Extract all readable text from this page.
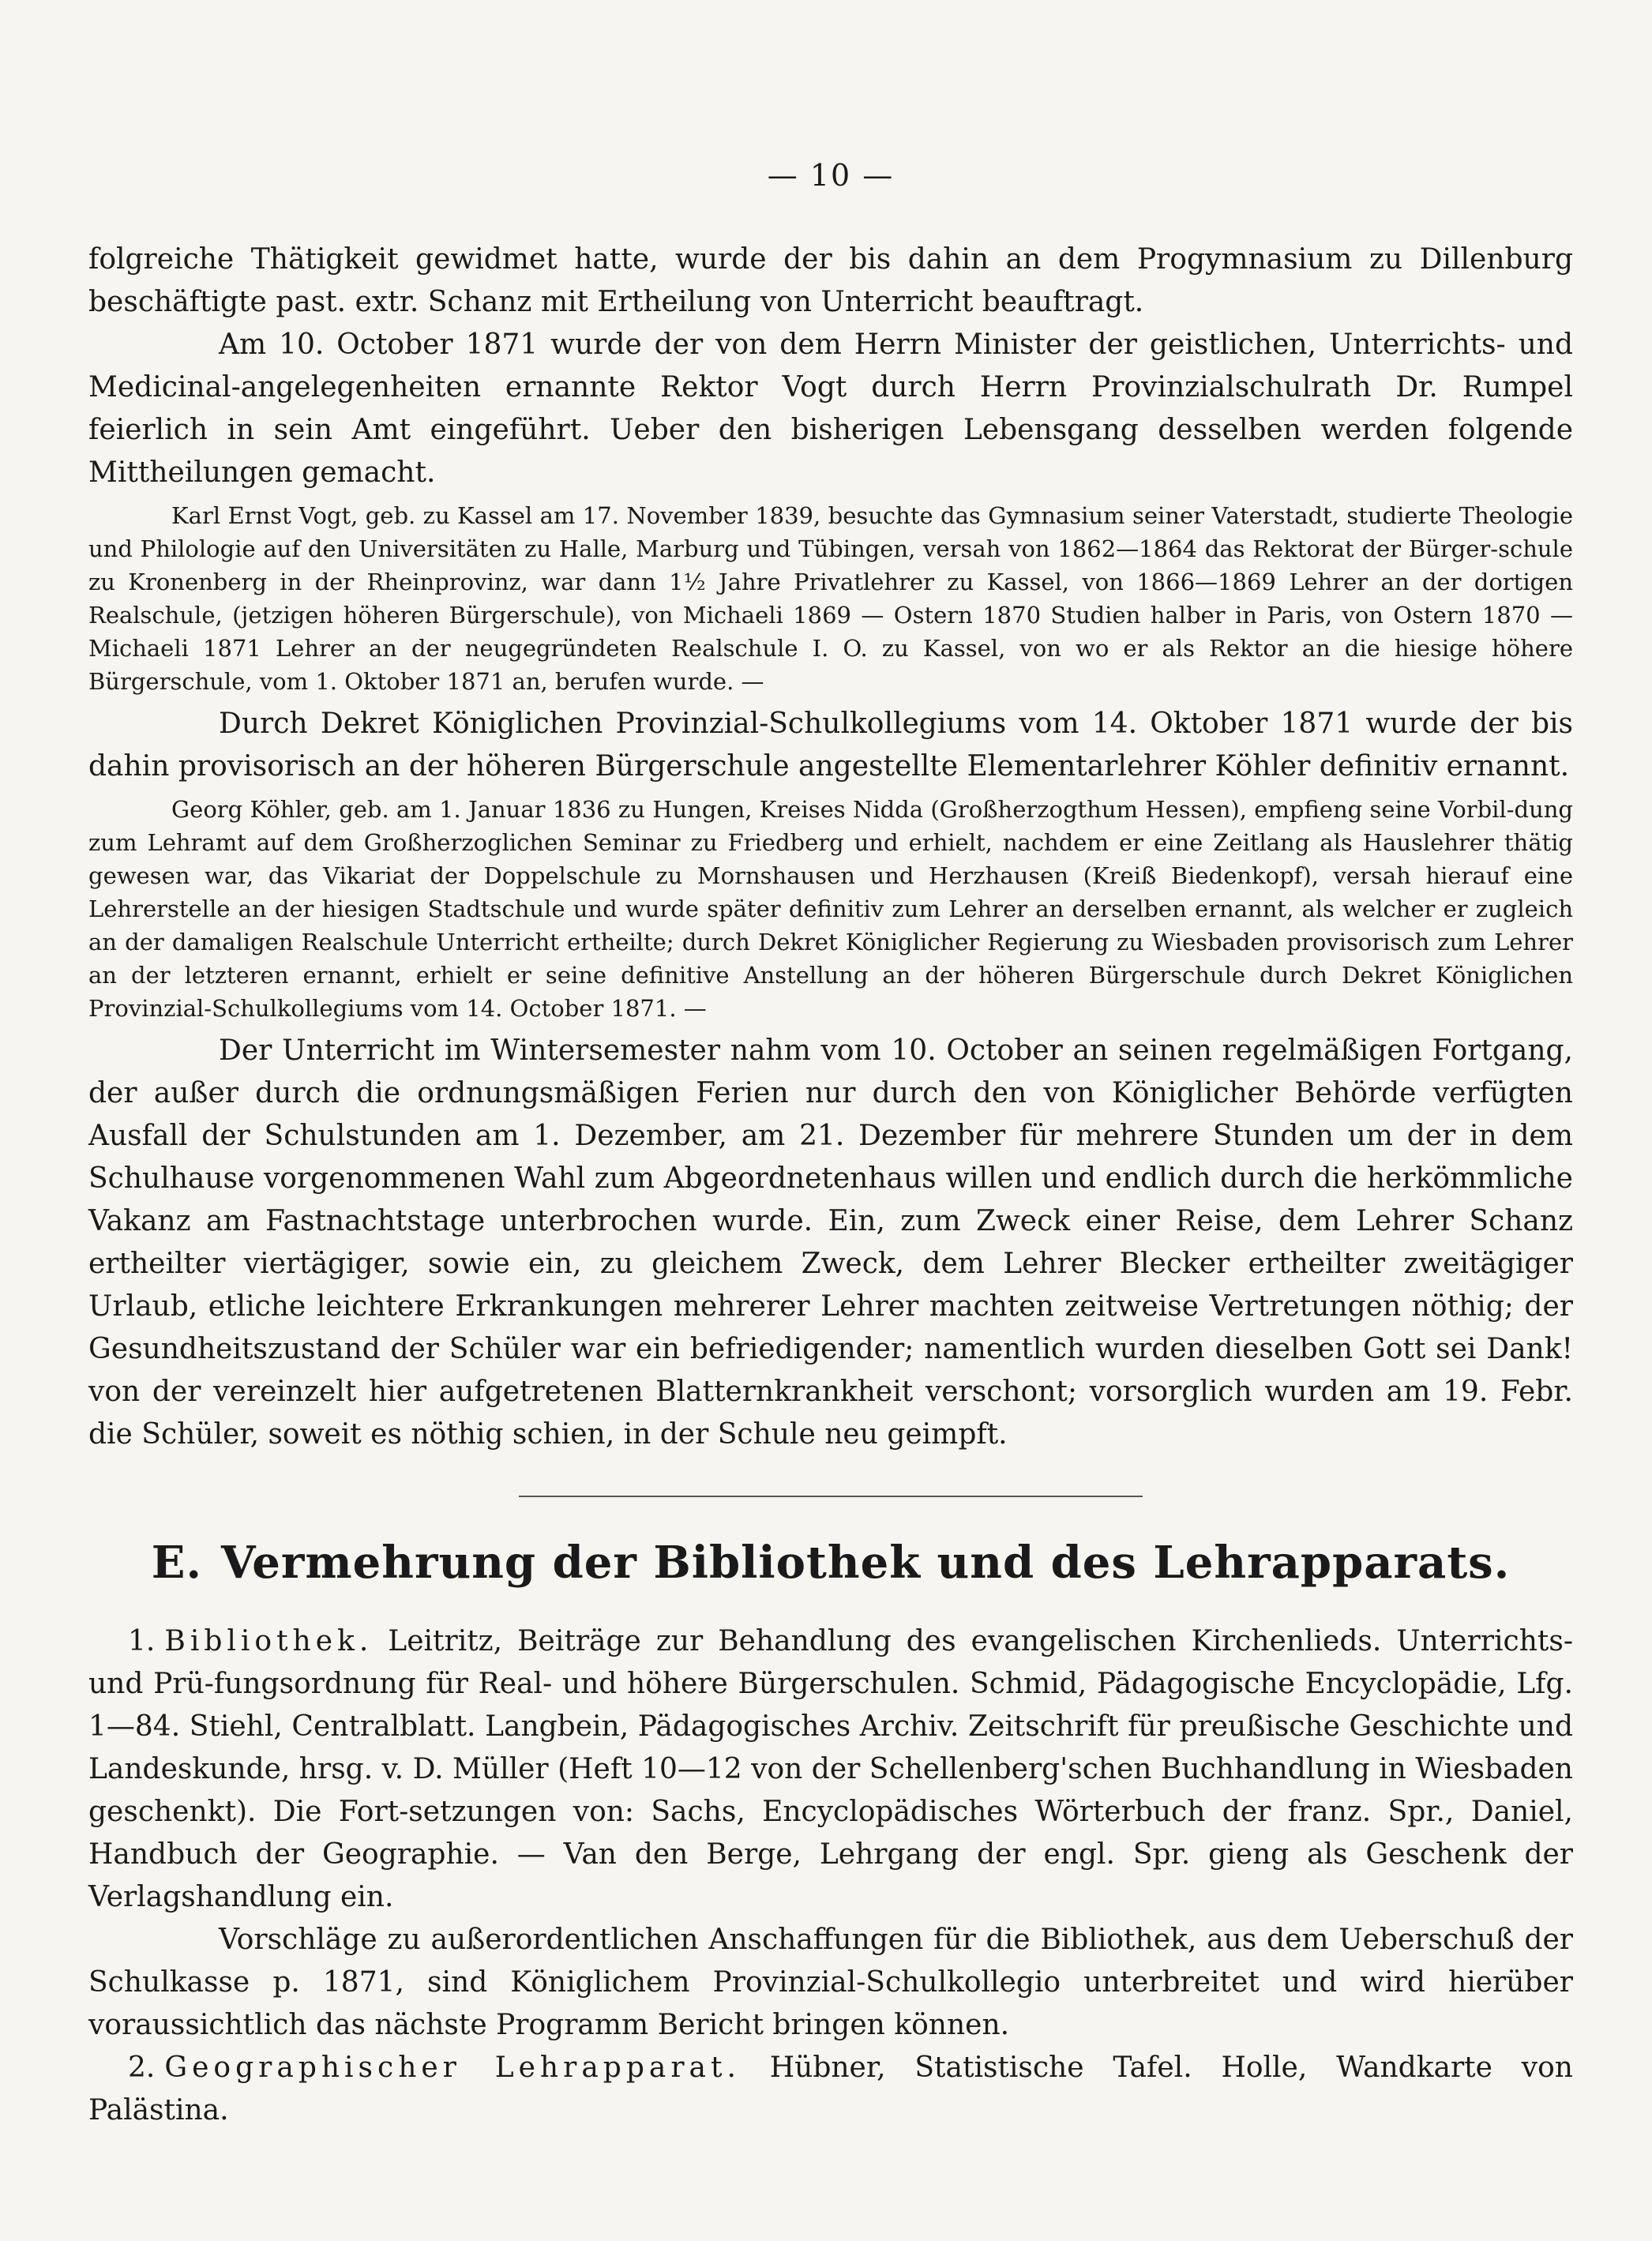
— 10 —

folgreiche Thätigkeit gewidmet hatte, wurde der bis dahin an dem Progymnasium zu Dillenburg beschäftigte past. extr. Schanz mit Ertheilung von Unterricht beauftragt.

Am 10. October 1871 wurde der von dem Herrn Minister der geistlichen, Unterrichts- und Medicinal-angelegenheiten ernannte Rektor Vogt durch Herrn Provinzialschulrath Dr. Rumpel feierlich in sein Amt eingeführt. Ueber den bisherigen Lebensgang desselben werden folgende Mittheilungen gemacht.

Karl Ernst Vogt, geb. zu Kassel am 17. November 1839, besuchte das Gymnasium seiner Vaterstadt, studierte Theologie und Philologie auf den Universitäten zu Halle, Marburg und Tübingen, versah von 1862—1864 das Rektorat der Bürger-schule zu Kronenberg in der Rheinprovinz, war dann 1½ Jahre Privatlehrer zu Kassel, von 1866—1869 Lehrer an der dortigen Realschule, (jetzigen höheren Bürgerschule), von Michaeli 1869 — Ostern 1870 Studien halber in Paris, von Ostern 1870 — Michaeli 1871 Lehrer an der neugegründeten Realschule I. O. zu Kassel, von wo er als Rektor an die hiesige höhere Bürgerschule, vom 1. Oktober 1871 an, berufen wurde. —

Durch Dekret Königlichen Provinzial-Schulkollegiums vom 14. Oktober 1871 wurde der bis dahin provisorisch an der höheren Bürgerschule angestellte Elementarlehrer Köhler definitiv ernannt.

Georg Köhler, geb. am 1. Januar 1836 zu Hungen, Kreises Nidda (Großherzogthum Hessen), empfieng seine Vorbil-dung zum Lehramt auf dem Großherzoglichen Seminar zu Friedberg und erhielt, nachdem er eine Zeitlang als Hauslehrer thätig gewesen war, das Vikariat der Doppelschule zu Mornshausen und Herzhausen (Kreiß Biedenkopf), versah hierauf eine Lehrerstelle an der hiesigen Stadtschule und wurde später definitiv zum Lehrer an derselben ernannt, als welcher er zugleich an der damaligen Realschule Unterricht ertheilte; durch Dekret Königlicher Regierung zu Wiesbaden provisorisch zum Lehrer an der letzteren ernannt, erhielt er seine definitive Anstellung an der höheren Bürgerschule durch Dekret Königlichen Provinzial-Schulkollegiums vom 14. October 1871. —

Der Unterricht im Wintersemester nahm vom 10. October an seinen regelmäßigen Fortgang, der außer durch die ordnungsmäßigen Ferien nur durch den von Königlicher Behörde verfügten Ausfall der Schulstunden am 1. Dezember, am 21. Dezember für mehrere Stunden um der in dem Schulhause vorgenommenen Wahl zum Abgeordnetenhaus willen und endlich durch die herkömmliche Vakanz am Fastnachtstage unterbrochen wurde. Ein, zum Zweck einer Reise, dem Lehrer Schanz ertheilter viertägiger, sowie ein, zu gleichem Zweck, dem Lehrer Blecker ertheilter zweitägiger Urlaub, etliche leichtere Erkrankungen mehrerer Lehrer machten zeitweise Vertretungen nöthig; der Gesundheitszustand der Schüler war ein befriedigender; namentlich wurden dieselben Gott sei Dank! von der vereinzelt hier aufgetretenen Blatternkrankheit verschont; vorsorglich wurden am 19. Febr. die Schüler, soweit es nöthig schien, in der Schule neu geimpft.

E. Vermehrung der Bibliothek und des Lehrapparats.

1. Bibliothek. Leitritz, Beiträge zur Behandlung des evangelischen Kirchenlieds. Unterrichts- und Prü-fungsordnung für Real- und höhere Bürgerschulen. Schmid, Pädagogische Encyclopädie, Lfg. 1—84. Stiehl, Centralblatt. Langbein, Pädagogisches Archiv. Zeitschrift für preußische Geschichte und Landeskunde, hrsg. v. D. Müller (Heft 10—12 von der Schellenberg'schen Buchhandlung in Wiesbaden geschenkt). Die Fort-setzungen von: Sachs, Encyclopädisches Wörterbuch der franz. Spr., Daniel, Handbuch der Geographie. — Van den Berge, Lehrgang der engl. Spr. gieng als Geschenk der Verlagshandlung ein.

Vorschläge zu außerordentlichen Anschaffungen für die Bibliothek, aus dem Ueberschuß der Schulkasse p. 1871, sind Königlichem Provinzial-Schulkollegio unterbreitet und wird hierüber voraussichtlich das nächste Programm Bericht bringen können.

2. Geographischer Lehrapparat. Hübner, Statistische Tafel. Holle, Wandkarte von Palästina.
